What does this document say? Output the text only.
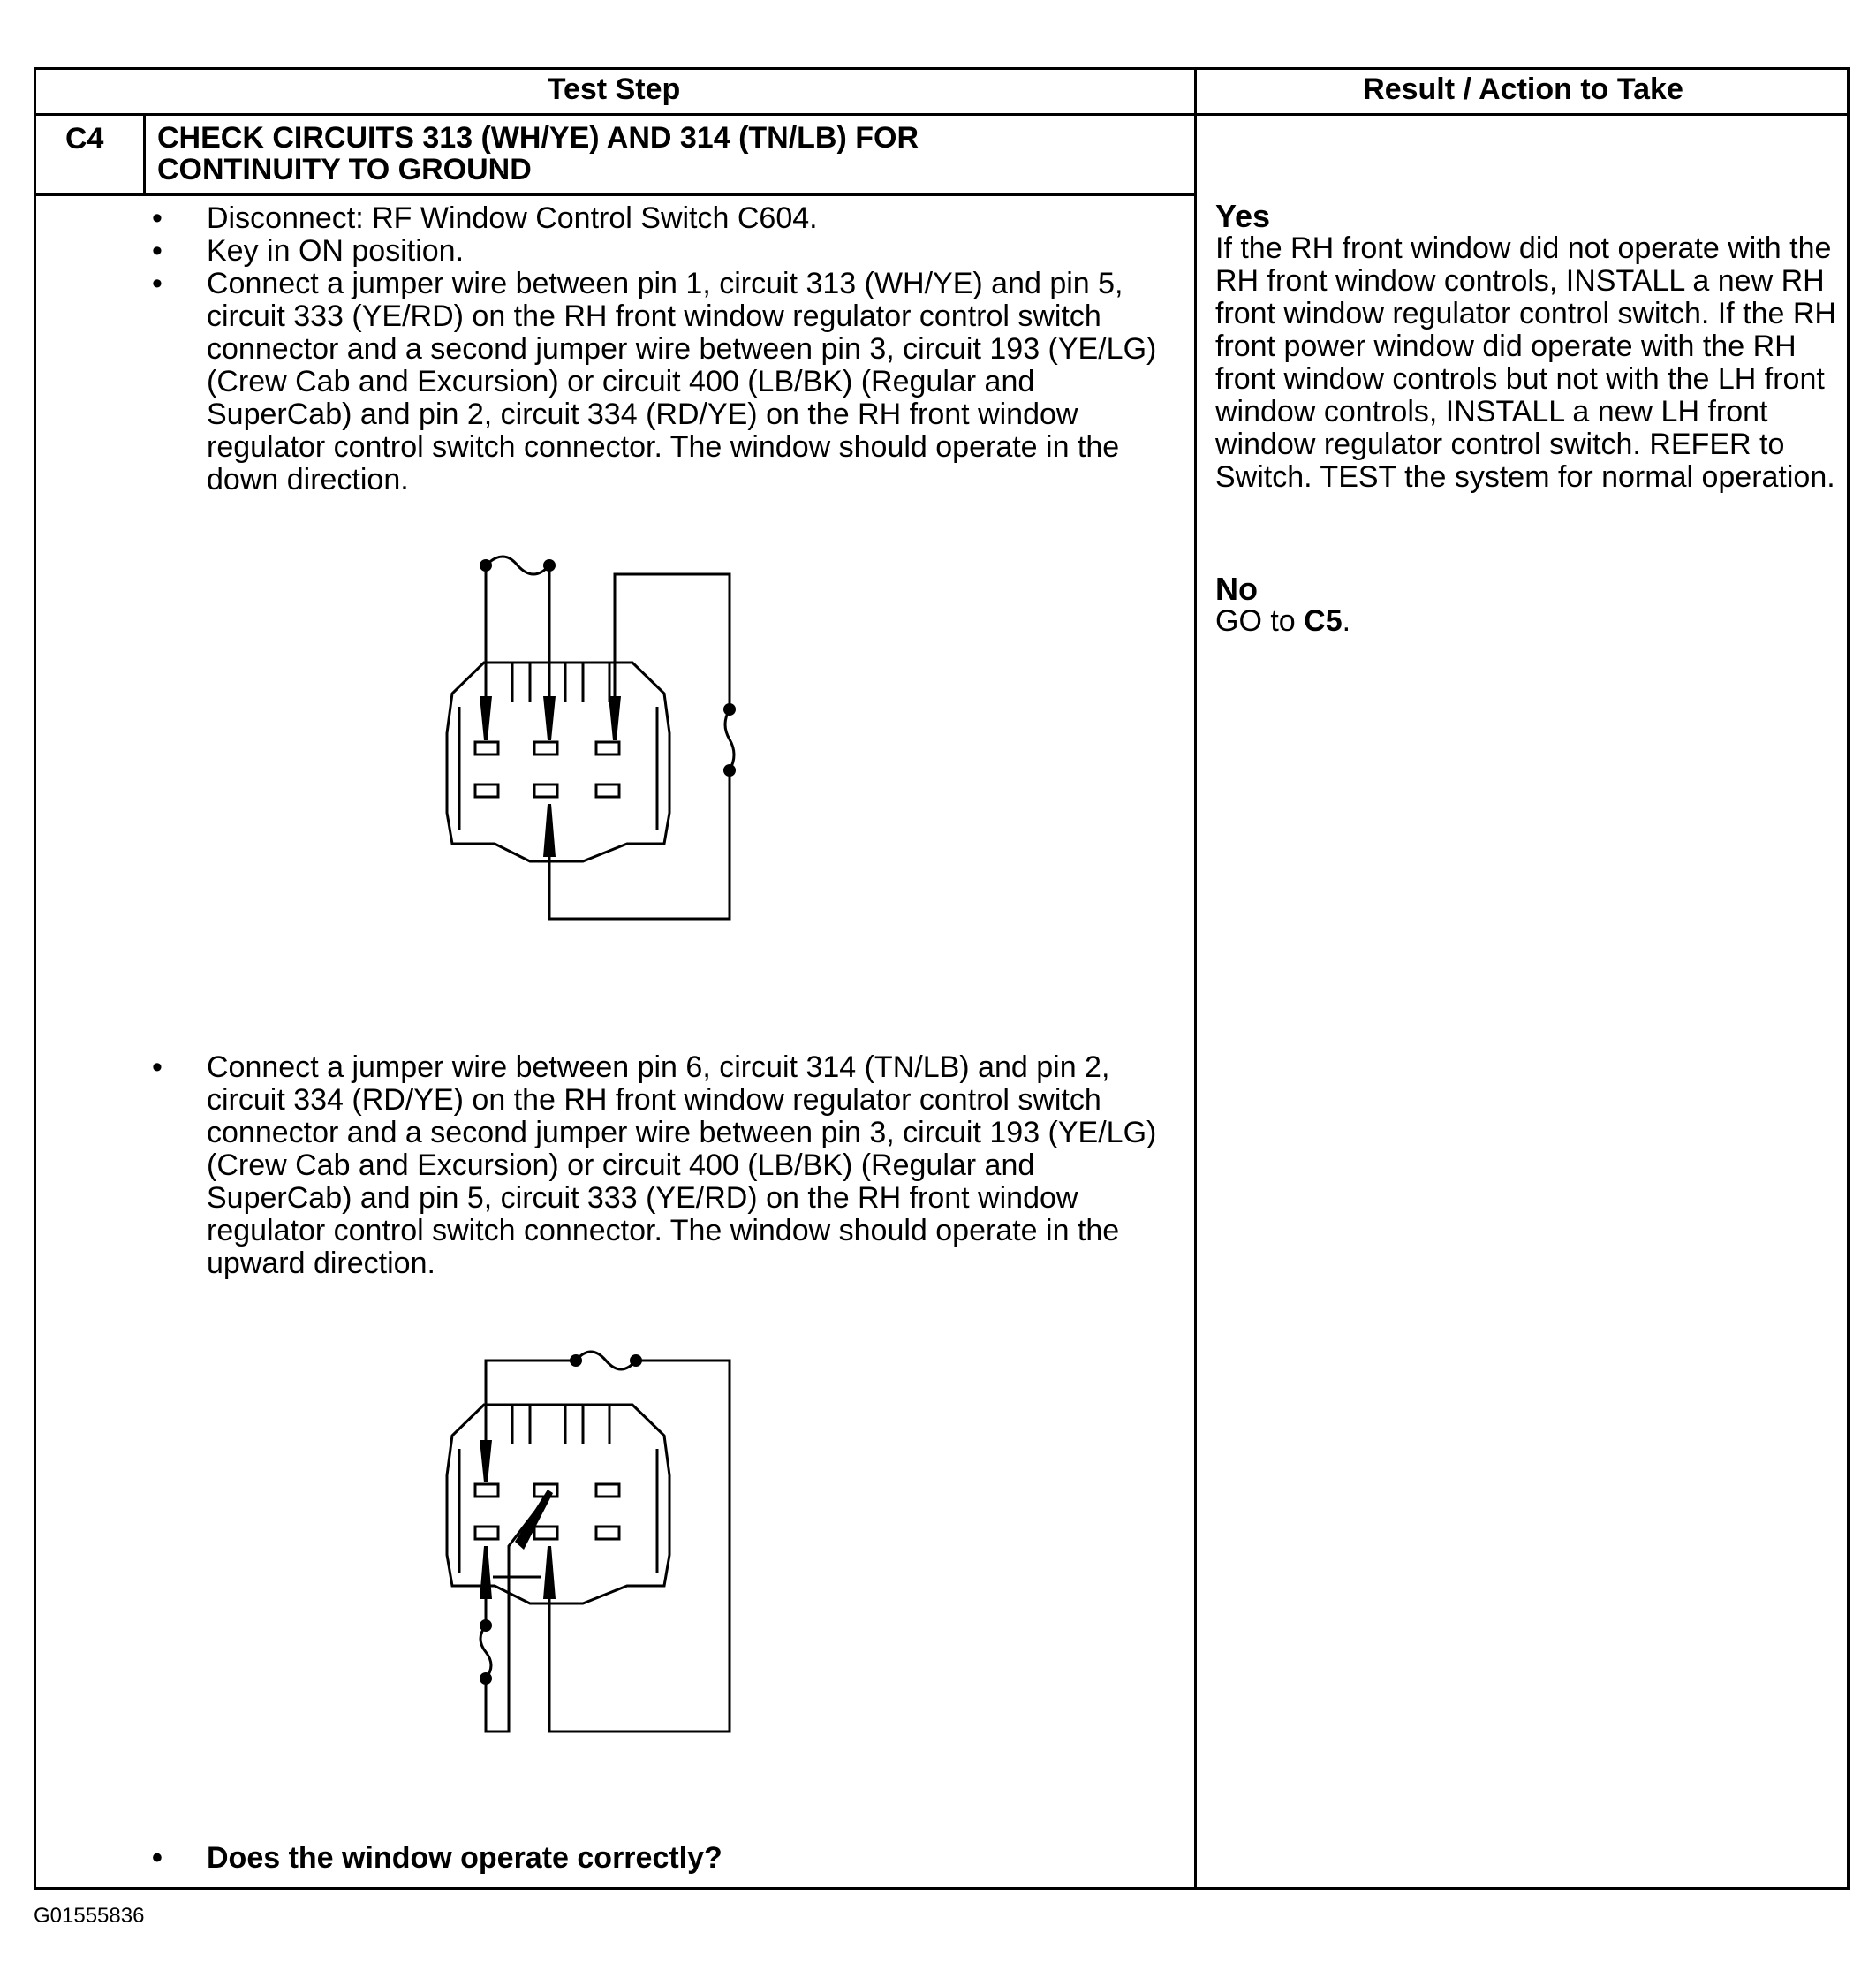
Test Step	Result / Action to Take
C4 CHECK CIRCUITS 313 (WH/YE) AND 314 (TN/LB) FOR
CONTINUITY TO GROUND
• Disconnect: RF Window Control Switch C604.
• Key in ON position.
• Connect a jumper wire between pin 1, circuit 313 (WH/YE) and pin 5, circuit 333 (YE/RD) on the RH front window regulator control switch connector and a second jumper wire between pin 3, circuit 193 (YE/LG) (Crew Cab and Excursion) or circuit 400 (LB/BK) (Regular and SuperCab) and pin 2, circuit 334 (RD/YE) on the RH front window regulator control switch connector. The window should operate in the down direction.
• Connect a jumper wire between pin 6, circuit 314 (TN/LB) and pin 2, circuit 334 (RD/YE) on the RH front window regulator control switch connector and a second jumper wire between pin 3, circuit 193 (YE/LG) (Crew Cab and Excursion) or circuit 400 (LB/BK) (Regular and SuperCab) and pin 5, circuit 333 (YE/RD) on the RH front window regulator control switch connector. The window should operate in the upward direction.
• Does the window operate correctly?
Yes
If the RH front window did not operate with the RH front window controls, INSTALL a new RH front window regulator control switch. If the RH front power window did operate with the RH front window controls but not with the LH front window controls, INSTALL a new LH front window regulator control switch. REFER to Switch. TEST the system for normal operation.
No
GO to C5.
G01555836
